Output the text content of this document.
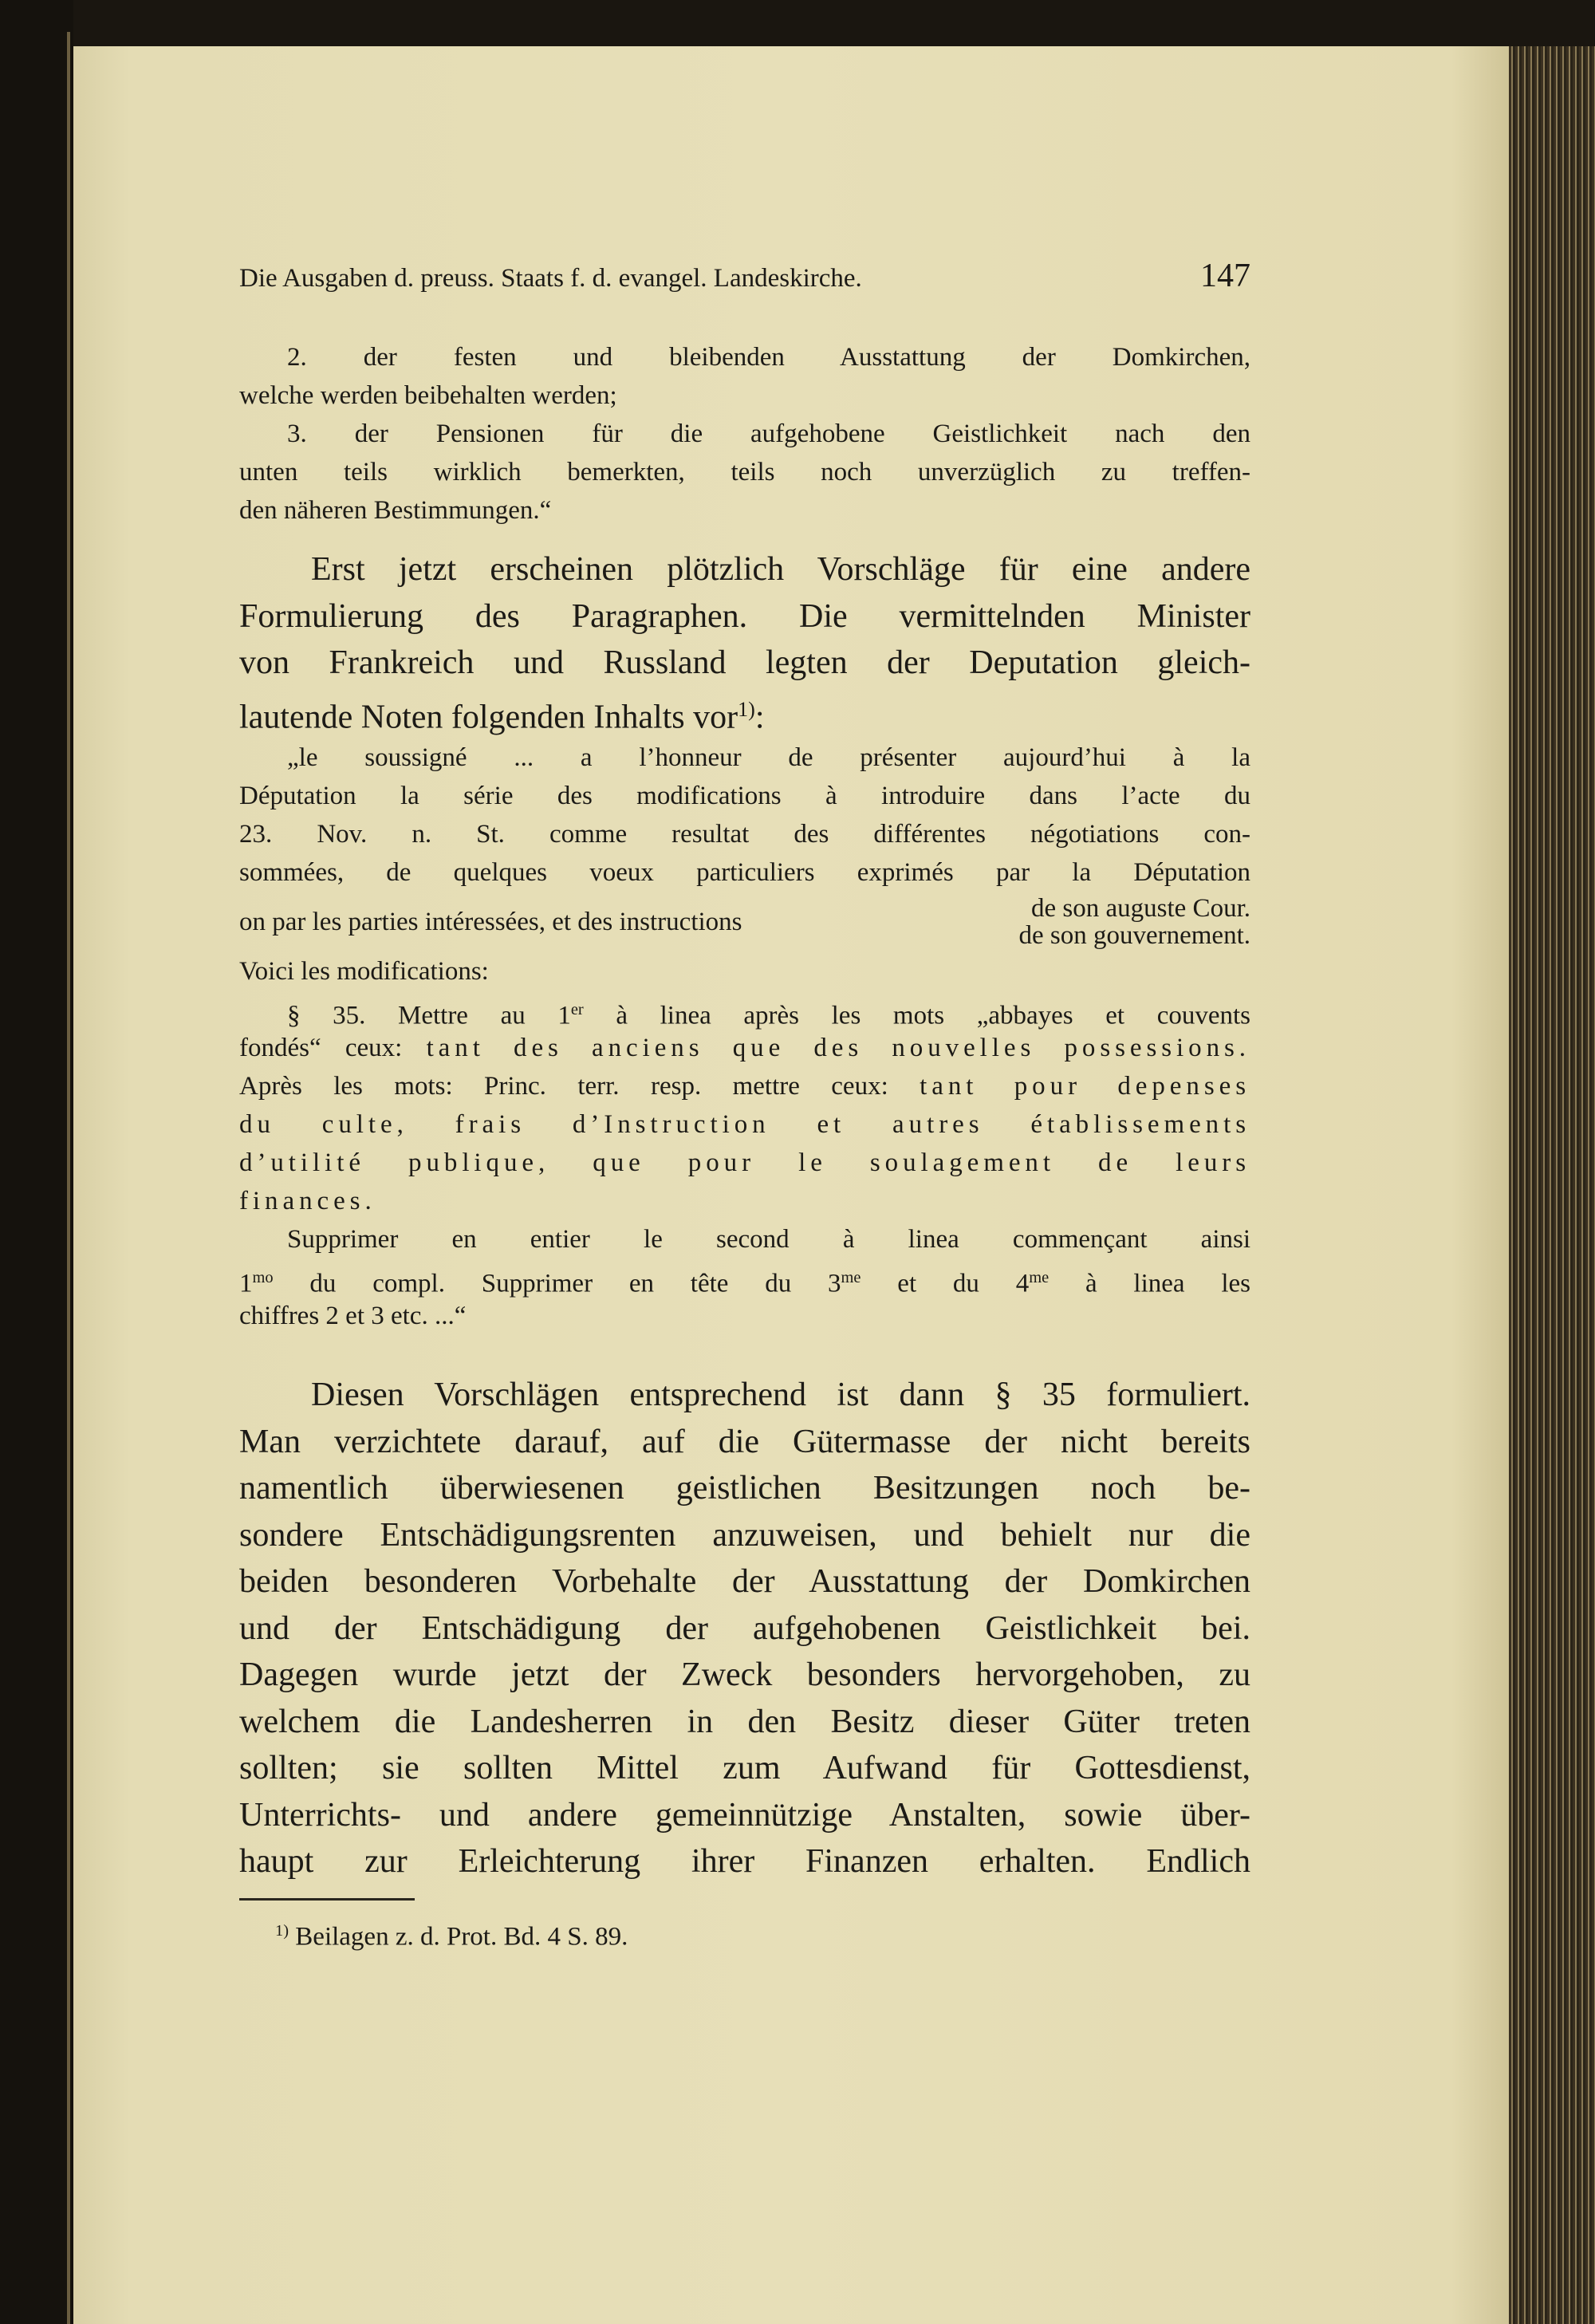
Die Ausgaben d. preuss. Staats f. d. evangel. Landeskirche.	147
2. der festen und bleibenden Ausstattung der Domkirchen,
welche werden beibehalten werden;
3. der Pensionen für die aufgehobene Geistlichkeit nach den
unten teils wirklich bemerkten, teils noch unverzüglich zu treffen-
den näheren Bestimmungen.“
Erst jetzt erscheinen plötzlich Vorschläge für eine andere
Formulierung des Paragraphen. Die vermittelnden Minister
von Frankreich und Russland legten der Deputation gleich-
lautende Noten folgenden Inhalts vor$^{1)}$:
„le soussigné ... a l’honneur de présenter aujourd’hui à la
Députation la série des modifications à introduire dans l’acte du
23. Nov. n. St. comme resultat des différentes négotiations con-
sommées, de quelques voeux particuliers exprimés par la Députation
on par les parties intéressées, et des instructions	de son auguste Cour.
de son gouvernement.
Voici les modifications:
§ 35. Mettre au 1er à linea après les mots „abbayes et couvents
fondés“ ceux: tant des anciens que des nouvelles possessions.
Après les mots: Princ. terr. resp. mettre ceux: tant pour depenses
du culte, frais d’Instruction et autres établissements
d’utilité publique, que pour le soulagement de leurs
finances.
Supprimer en entier le second à linea commençant ainsi
$1^{mo}$ du compl. Supprimer en tête du $3^{me}$ et du $4^{me}$ à linea les
chiffres 2 et 3 etc. ...“
Diesen Vorschlägen entsprechend ist dann § 35 formuliert.
Man verzichtete darauf, auf die Gütermasse der nicht bereits
namentlich überwiesenen geistlichen Besitzungen noch be-
sondere Entschädigungsrenten anzuweisen, und behielt nur die
beiden besonderen Vorbehalte der Ausstattung der Domkirchen
und der Entschädigung der aufgehobenen Geistlichkeit bei.
Dagegen wurde jetzt der Zweck besonders hervorgehoben, zu
welchem die Landesherren in den Besitz dieser Güter treten
sollten; sie sollten Mittel zum Aufwand für Gottesdienst,
Unterrichts- und andere gemeinnützige Anstalten, sowie über-
haupt zur Erleichterung ihrer Finanzen erhalten. Endlich
$^{1)}$ Beilagen z. d. Prot. Bd. 4 S. 89.
